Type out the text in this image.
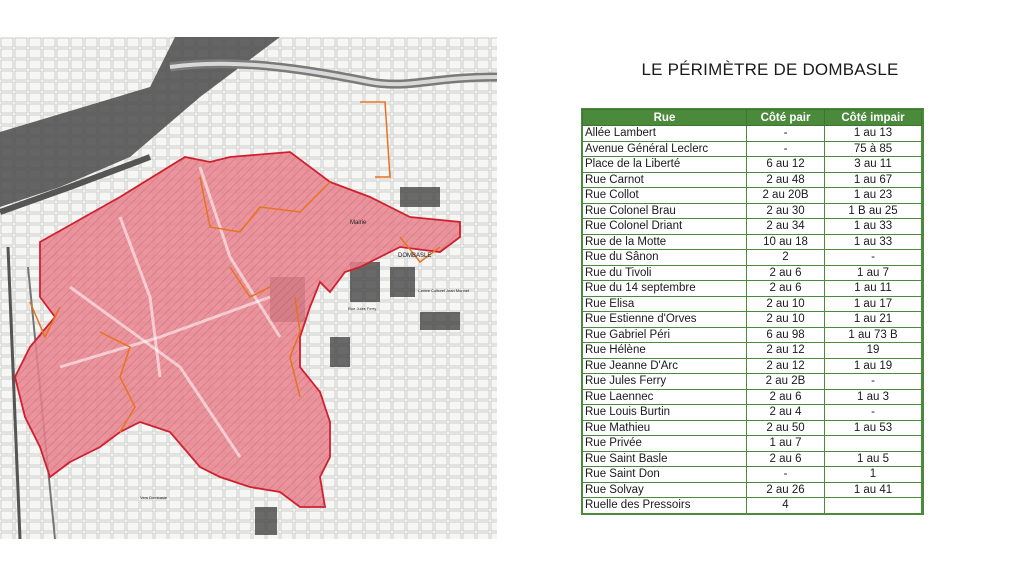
Mairie
DOMBASLE
Centre Culturel Jean Monnet
Rue Jules Ferry
Vers Dombasle
LE PÉRIMÈTRE DE DOMBASLE
Rue	Côté pair	Côté impair
Allée Lambert	-	1 au 13
Avenue Général Leclerc	-	75 à 85
Place de la Liberté	6 au 12	3 au 11
Rue Carnot	2 au 48	1 au 67
Rue Collot	2 au 20B	1 au 23
Rue Colonel Brau	2 au 30	1 B au 25
Rue Colonel Driant	2 au 34	1 au 33
Rue de la Motte	10 au 18	1 au 33
Rue du Sânon	2	-
Rue du Tivoli	2 au 6	1 au 7
Rue du 14 septembre	2 au 6	1 au 11
Rue Elisa	2 au 10	1 au 17
Rue Estienne d'Orves	2 au 10	1 au 21
Rue Gabriel Péri	6 au 98	1 au 73 B
Rue Hélène	2 au 12	19
Rue Jeanne D'Arc	2 au 12	1 au 19
Rue Jules Ferry	2 au 2B	-
Rue Laennec	2 au 6	1 au 3
Rue Louis Burtin	2 au 4	-
Rue Mathieu	2 au 50	1 au 53
Rue Privée	1 au 7	
Rue Saint Basle	2 au 6	1 au 5
Rue Saint Don	-	1
Rue Solvay	2 au 26	1 au 41
Ruelle des Pressoirs	4	
